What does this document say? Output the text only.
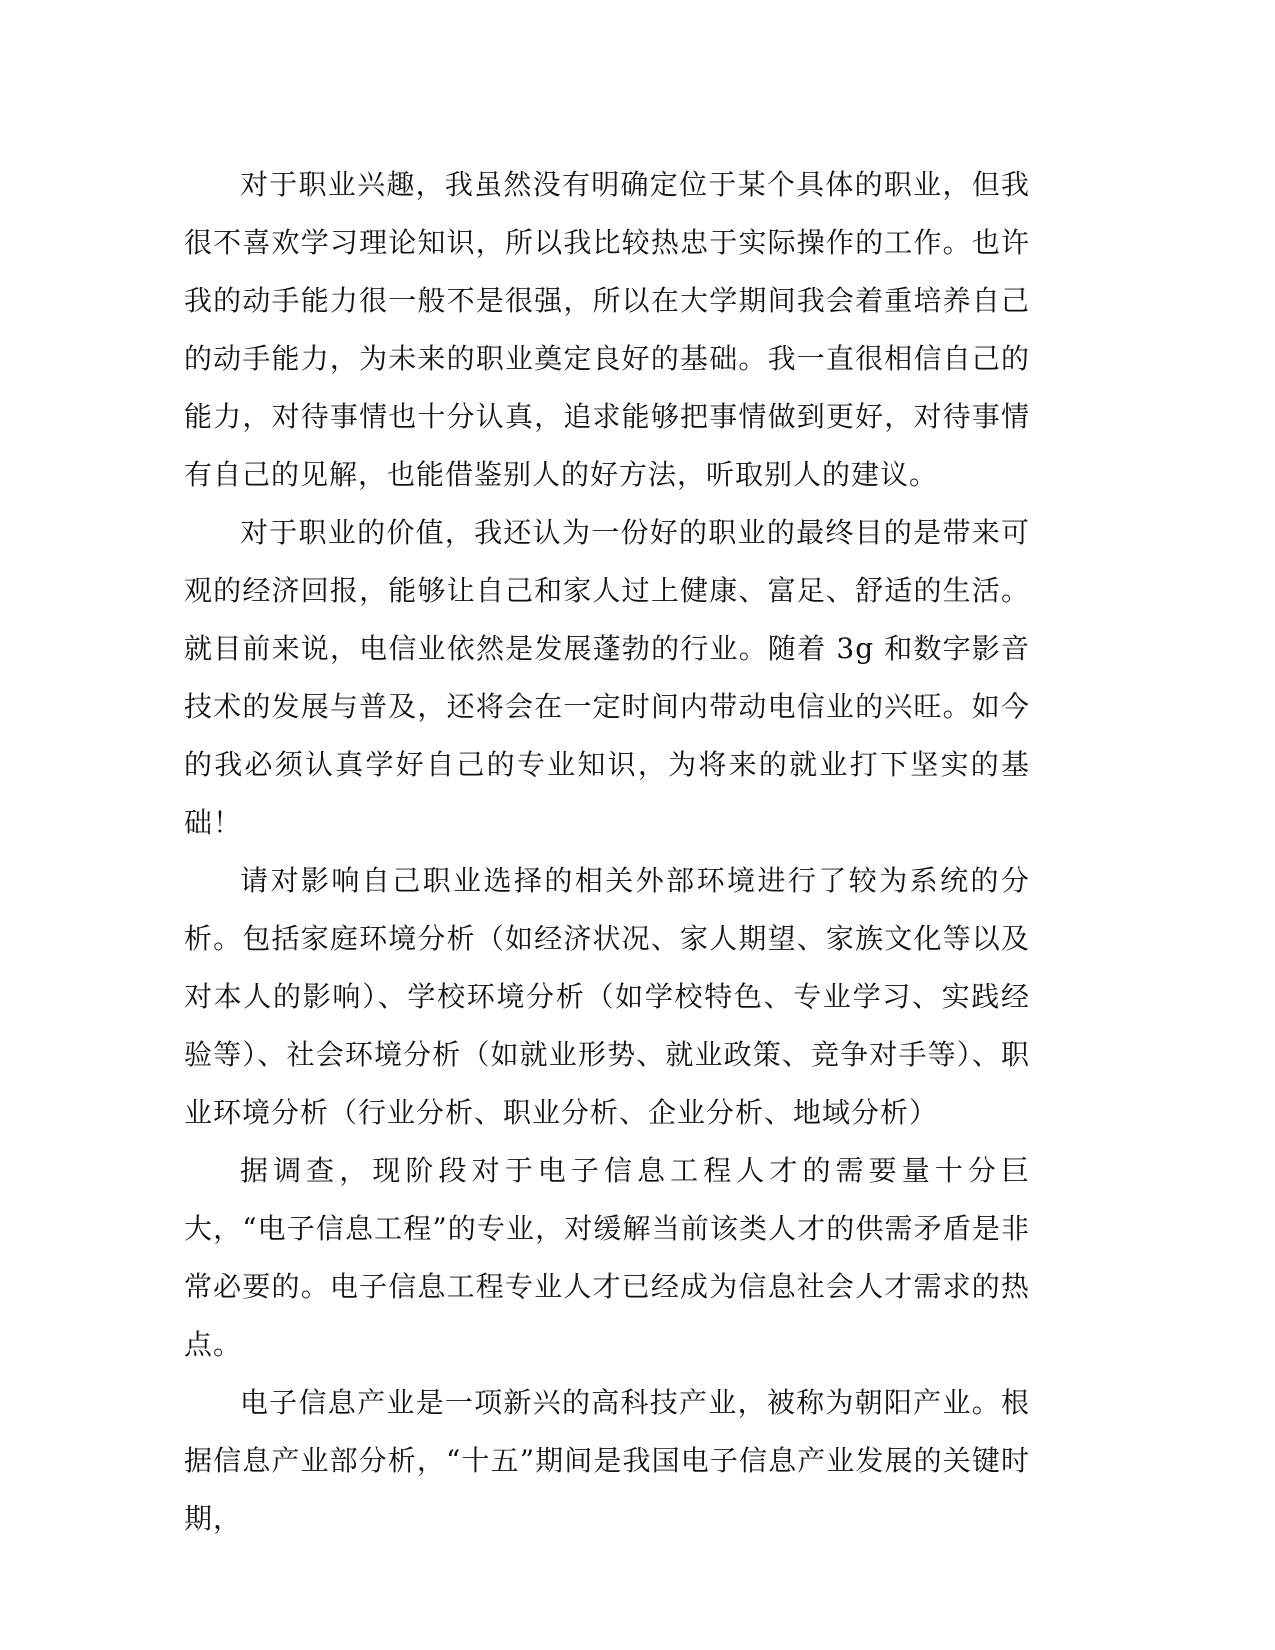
对于职业兴趣，我虽然没有明确定位于某个具体的职业，但我很不喜欢学习理论知识，所以我比较热忠于实际操作的工作。也许我的动手能力很一般不是很强，所以在大学期间我会着重培养自己的动手能力，为未来的职业奠定良好的基础。我一直很相信自己的能力，对待事情也十分认真，追求能够把事情做到更好，对待事情有自己的见解，也能借鉴别人的好方法，听取别人的建议。

对于职业的价值，我还认为一份好的职业的最终目的是带来可观的经济回报，能够让自己和家人过上健康、富足、舒适的生活。就目前来说，电信业依然是发展蓬勃的行业。随着 3g 和数字影音技术的发展与普及，还将会在一定时间内带动电信业的兴旺。如今的我必须认真学好自己的专业知识，为将来的就业打下坚实的基础！

请对影响自己职业选择的相关外部环境进行了较为系统的分析。包括家庭环境分析（如经济状况、家人期望、家族文化等以及对本人的影响）、学校环境分析（如学校特色、专业学习、实践经验等）、社会环境分析（如就业形势、就业政策、竞争对手等）、职业环境分析（行业分析、职业分析、企业分析、地域分析）

据调查，现阶段对于电子信息工程人才的需要量十分巨大，“电子信息工程”的专业，对缓解当前该类人才的供需矛盾是非常必要的。电子信息工程专业人才已经成为信息社会人才需求的热点。

电子信息产业是一项新兴的高科技产业，被称为朝阳产业。根据信息产业部分析，“十五”期间是我国电子信息产业发展的关键时期，
